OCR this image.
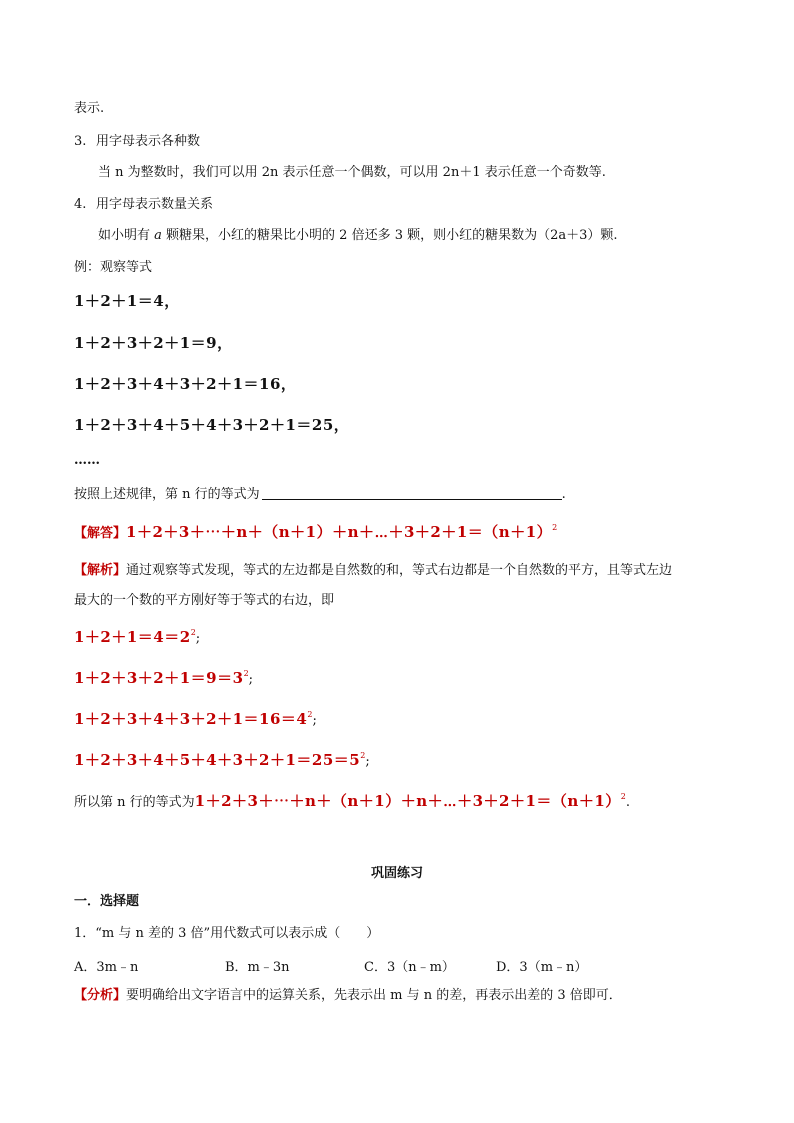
表示.
3. 用字母表示各种数
当 n 为整数时，我们可以用 2n 表示任意一个偶数，可以用 2n＋1 表示任意一个奇数等.
4. 用字母表示数量关系
如小明有 a 颗糖果，小红的糖果比小明的 2 倍还多 3 颗，则小红的糖果数为（2a＋3）颗.
例：观察等式
1＋2＋1＝4，
1＋2＋3＋2＋1＝9，
1＋2＋3＋4＋3＋2＋1＝16，
1＋2＋3＋4＋5＋4＋3＋2＋1＝25，
……
按照上述规律，第 n 行的等式为	.
【解答】$1+2+3+\cdots+n+(n+1)+n+\cdots+3+2+1=(n+1)^2$
【解析】通过观察等式发现，等式的左边都是自然数的和，等式右边都是一个自然数的平方，且等式左边
最大的一个数的平方刚好等于等式的右边，即
$1+2+1=4=2^2$;
$1+2+3+2+1=9=3^2$;
$1+2+3+4+3+2+1=16=4^2$;
$1+2+3+4+5+4+3+2+1=25=5^2$;
所以第 n 行的等式为$1+2+3+\cdots+n+(n+1)+n+\cdots+3+2+1=(n+1)^2$.
巩固练习
一．选择题
1．“m 与 n 差的 3 倍”用代数式可以表示成（　　）
A．3m﹣n	B．m﹣3n	C．3（n﹣m）	D．3（m﹣n）
【分析】要明确给出文字语言中的运算关系，先表示出 m 与 n 的差，再表示出差的 3 倍即可．
